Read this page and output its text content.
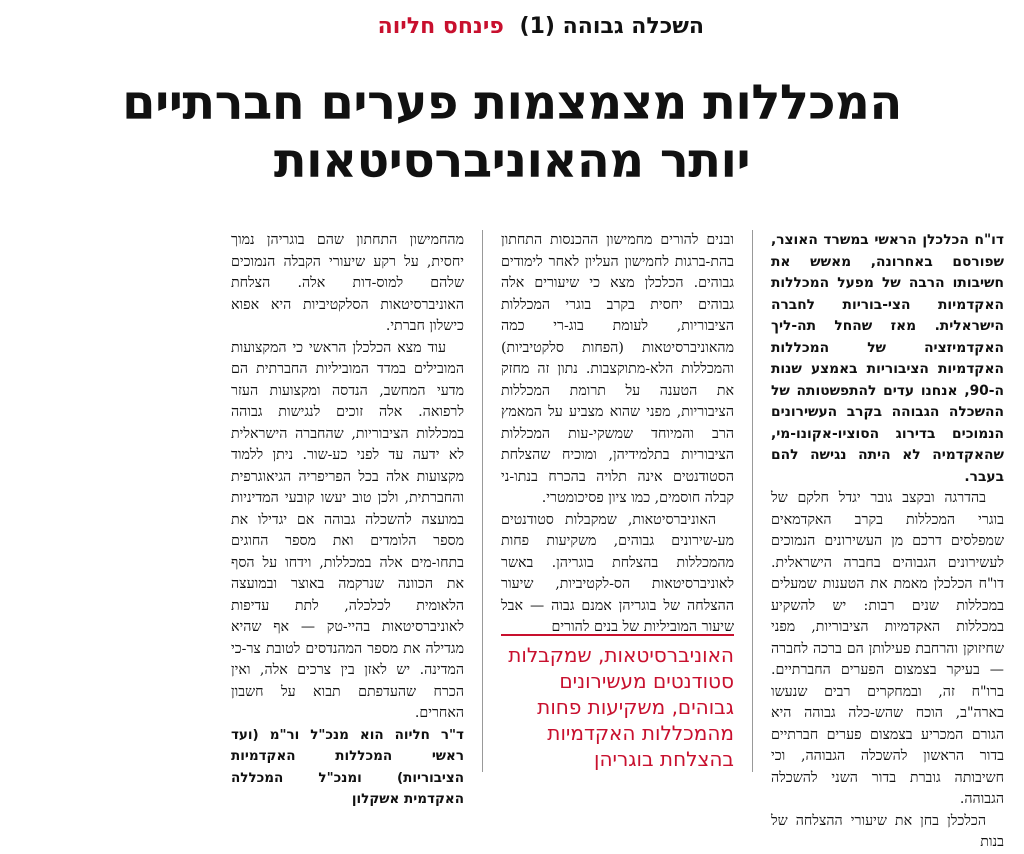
השכלה גבוהה (1) פינחס חליוה
המכללות מצמצמות פערים חברתיים
יותר מהאוניברסיטאות

דו"ח הכלכלן הראשי במשרד האוצר, שפורסם באחרונה, מאשש את חשיבותו הרבה של מפעל המכללות האקדמיות הצי-בוריות לחברה הישראלית. מאז שהחל תה-ליך האקדמיזציה של המכללות האקדמיות הציבוריות באמצע שנות ה-90, אנחנו עדים להתפשטותה של ההשכלה הגבוהה בקרב העשירונים הנמוכים בדירוג הסוציו-אקונו-מי, שהאקדמיה לא היתה נגישה להם בעבר.

בהדרגה ובקצב גובר יגדל חלקם של בוגרי המכללות בקרב האקדמאים שמפלסים דרכם מן העשירונים הנמוכים לעשירונים הגבוהים בחברה הישראלית. דו"ח הכלכלן מאמת את הטענות שמעלים במכללות שנים רבות: יש להשקיע במכללות האקדמיות הציבוריות, מפני שחיזוקן והרחבת פעילותן הם ברכה לחברה — בעיקר בצמצום הפערים החברתיים. ברו"ח זה, ובמחקרים רבים שנעשו בארה"ב, הוכח שהש-כלה גבוהה היא הגורם המכריע בצמצום פערים חברתיים בדור הראשון להשכלה הגבוהה, וכי חשיבותה גוברת בדור השני להשכלה הגבוהה.

הכלכלן בחן את שיעורי ההצלחה של בנות

ובנים להורים מחמישון ההכנסות התחתון בהת-ברגות לחמישון העליון לאחר לימודים גבוהים. הכלכלן מצא כי שיעורים אלה גבוהים יחסית בקרב בוגרי המכללות הציבוריות, לעומת בוג-רי כמה מהאוניברסיטאות (הפחות סלקטיביות) והמכללות הלא-מתוקצבות. נתון זה מחזק את הטענה על תרומת המכללות הציבוריות, מפני שהוא מצביע על המאמץ הרב והמיוחד שמשקי-עות המכללות הציבוריות בתלמידיהן, ומוכיח שהצלחת הסטודנטים אינה תלויה בהכרח בנתו-ני קבלה חוסמים, כמו ציון פסיכומטרי.

האוניברסיטאות, שמקבלות סטודנטים מע-שירונים גבוהים, משקיעות פחות מהמכללות בהצלחת בוגריהן. באשר לאוניברסיטאות הס-לקטיביות, שיעור ההצלחה של בוגריהן אמנם גבוה — אבל שיעור המוביליות של בנים להורים

האוניברסיטאות, שמקבלות סטודנטים מעשירונים גבוהים, משקיעות פחות מהמכללות האקדמיות בהצלחת בוגריהן

מהחמישון התחתון שהם בוגריהן נמוך יחסית, על רקע שיעורי הקבלה הנמוכים שלהם למוס-דות אלה. הצלחת האוניברסיטאות הסלקטיביות היא אפוא כישלון חברתי.

עוד מצא הכלכלן הראשי כי המקצועות המובילים במדד המוביליות החברתית הם מדעי המחשב, הנדסה ומקצועות העזר לרפואה. אלה זוכים לנגישות גבוהה במכללות הציבוריות, שהחברה הישראלית לא ידעה עד לפני כע-שור. ניתן ללמוד מקצועות אלה בכל הפריפריה הגיאוגרפית והחברתית, ולכן טוב יעשו קובעי המדיניות במועצה להשכלה גבוהה אם יגדילו את מספר הלומדים ואת מספר החוגים בתחו-מים אלה במכללות, וידחו על הסף את הכוונה שנרקמה באוצר ובמועצה הלאומית לכלכלה, לתת עדיפות לאוניברסיטאות בהיי-טק — אף שהיא מגדילה את מספר המהנדסים לטובת צר-כי המדינה. יש לאזן בין צרכים אלה, ואין הכרח שהעדפתם תבוא על חשבון האחרים.

ד"ר חליוה הוא מנכ"ל ור"מ (ועד ראשי המכללות האקדמיות הציבוריות) ומנכ"ל המכללה האקדמית אשקלון
